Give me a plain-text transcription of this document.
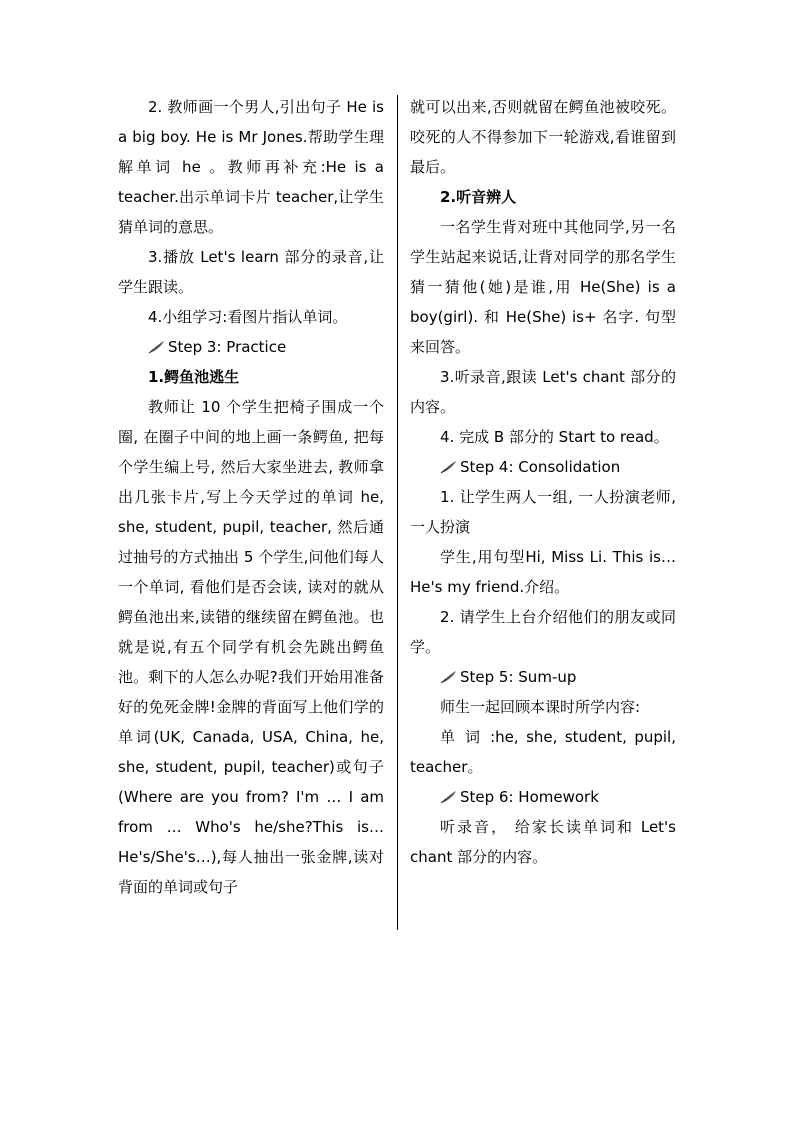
2. 教师画一个男人,引出句子 He is a big boy. He is Mr Jones.帮助学生理解单词 he 。教师再补充:He is a teacher.出示单词卡片 teacher,让学生猜单词的意思。

3.播放 Let's learn 部分的录音,让学生跟读。

4.小组学习:看图片指认单词。

Step 3: Practice

1.鳄鱼池逃生

教师让 10 个学生把椅子围成一个圈, 在圈子中间的地上画一条鳄鱼, 把每个学生编上号, 然后大家坐进去, 教师拿出几张卡片,写上今天学过的单词 he, she, student, pupil, teacher, 然后通过抽号的方式抽出 5 个学生,问他们每人一个单词, 看他们是否会读, 读对的就从鳄鱼池出来,读错的继续留在鳄鱼池。也就是说,有五个同学有机会先跳出鳄鱼池。剩下的人怎么办呢?我们开始用准备好的免死金牌!金牌的背面写上他们学的单词(UK, Canada, USA, China, he, she, student, pupil, teacher)或句子(Where are you from? I'm … I am from … Who's he/she?This is… He's/She's…),每人抽出一张金牌,读对背面的单词或句子

就可以出来,否则就留在鳄鱼池被咬死。咬死的人不得参加下一轮游戏,看谁留到最后。

2.听音辨人

一名学生背对班中其他同学,另一名学生站起来说话,让背对同学的那名学生猜一猜他(她)是谁,用 He(She) is a boy(girl). 和 He(She) is+ 名字. 句型来回答。

3.听录音,跟读 Let's chant 部分的内容。

4. 完成 B 部分的 Start to read。

Step 4: Consolidation

1. 让学生两人一组, 一人扮演老师,一人扮演

学生,用句型Hi, Miss Li. This is… He's my friend.介绍。

2. 请学生上台介绍他们的朋友或同学。

Step 5: Sum-up

师生一起回顾本课时所学内容:

单 词 :he, she, student, pupil, teacher。

Step 6: Homework

听录音， 给家长读单词和 Let's chant 部分的内容。
